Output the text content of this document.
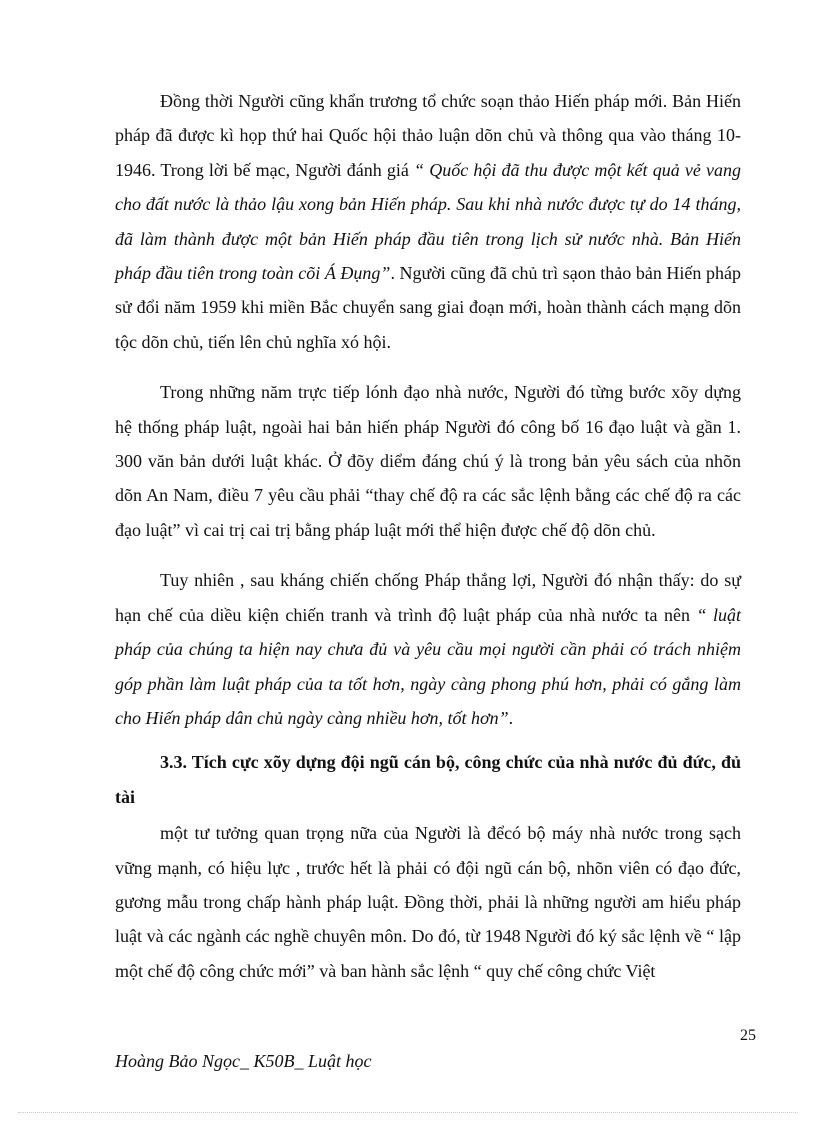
Đồng thời Người cũng khẩn trương tổ chức soạn thảo Hiến pháp mới. Bản Hiến pháp đã được kì họp thứ hai Quốc hội thảo luận dõn chủ và thông qua vào tháng 10-1946. Trong lời bế mạc, Người đánh giá “ Quốc hội đã thu được một kết quả vẻ vang cho đất nước là thảo lậu xong bản Hiến pháp. Sau khi nhà nước được tự do 14 tháng, đã làm thành được một bản Hiến pháp đầu tiên trong lịch sử nước nhà. Bản Hiến pháp đầu tiên trong toàn cõi Á Đụng”. Người cũng đã chủ trì sạon thảo bản Hiến pháp sử đổi năm 1959 khi miền Bắc chuyển sang giai đoạn mới, hoàn thành cách mạng dõn tộc dõn chủ, tiến lên chủ nghĩa xó hội.

Trong những năm trực tiếp lónh đạo nhà nước, Người đó từng bước xõy dựng hệ thống pháp luật, ngoài hai bản hiến pháp Người đó công bố 16 đạo luật và gần 1. 300 văn bản dưới luật khác. Ở đõy diểm đáng chú ý là trong bản yêu sách của nhõn dõn An Nam, điều 7 yêu cầu phải “thay chế độ ra các sắc lệnh bằng các chế độ ra các đạo luật” vì cai trị cai trị bằng pháp luật mới thể hiện được chế độ dõn chủ.

Tuy nhiên , sau kháng chiến chống Pháp thắng lợi, Người đó nhận thấy: do sự hạn chế của diều kiện chiến tranh và trình độ luật pháp của nhà nước ta nên “ luật pháp của chúng ta hiện nay chưa đủ và yêu cầu mọi người cần phải có trách nhiệm góp phần làm luật pháp của ta tốt hơn, ngày càng phong phú hơn, phải có gắng làm cho Hiến pháp dân chủ ngày càng nhiều hơn, tốt hơn”.

3.3. Tích cực xõy dựng đội ngũ cán bộ, công chức của nhà nước đủ đức, đủ tài

một tư tưởng quan trọng nữa của Người là đểcó bộ máy nhà nước trong sạch vững mạnh, có hiệu lực , trước hết là phải có đội ngũ cán bộ, nhõn viên có đạo đức, gương mẫu trong chấp hành pháp luật. Đồng thời, phải là những người am hiểu pháp luật và các ngành các nghề chuyên môn. Do đó, từ 1948 Người đó ký sắc lệnh về “ lập một chế độ công chức mới” và ban hành sắc lệnh “ quy chế công chức Việt

25
Hoàng Bảo Ngọc_ K50B_ Luật học
